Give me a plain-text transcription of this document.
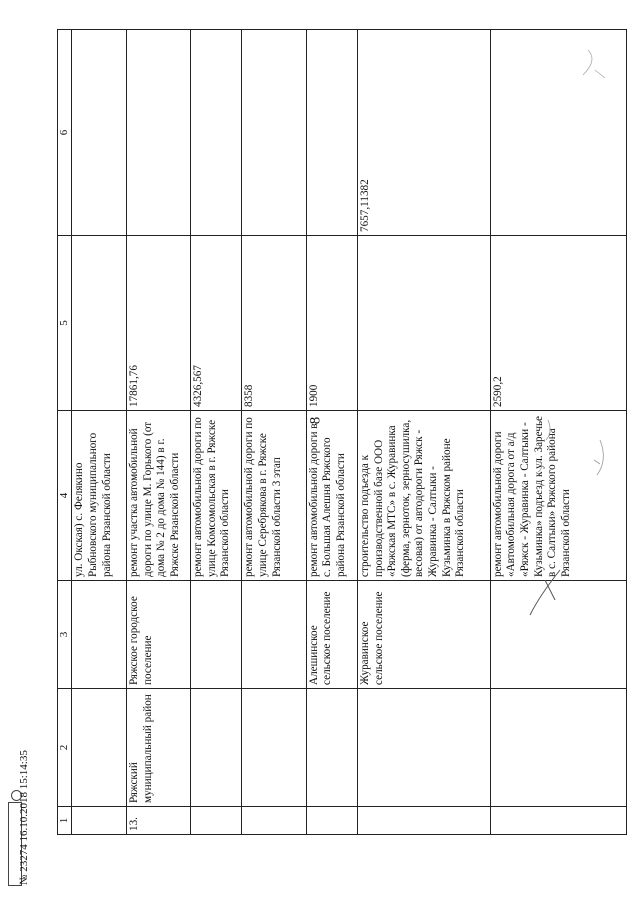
8
1	2	3	4	5	6
			ул. Окская) с. Фелякино Рыбновского муниципального района Рязанской области		
13.	Ряжский муниципальный район	Ряжское городское поселение	ремонт участка автомобильной дороги по улице М. Горького (от дома № 2 до дома № 144) в г. Ряжске Рязанской области	17861,76	
			ремонт автомобильной дороги по улице Комсомольская в г. Ряжске Рязанской области	4326,567	
			ремонт автомобильной дороги по улице Серебрякова в г. Ряжске Рязанской области 3 этап	8358	
		Алешинское сельское поселение	ремонт автомобильной дороги в с. Большая Алешня Ряжского района Рязанской области	1900	
		Журавинское сельское поселение	строительство подъезда к производственной базе ООО «Ряжская МТС» в с. Журавинка (ферма, зерноток, зерносушилка, весовая) от автодороги Ряжск - Журавинка - Салтыки - Кузьминка в Ряжском районе Рязанской области		7657,11382
			ремонт автомобильной дороги «Автомобильная дорога от а/д «Ряжск - Журавинка - Салтыки - Кузьминка» подъезд к ул. Заречье в с. Салтыки» Ряжского района Рязанской области	2590,2	
№ 23274 16.10.2018 15:14:35
